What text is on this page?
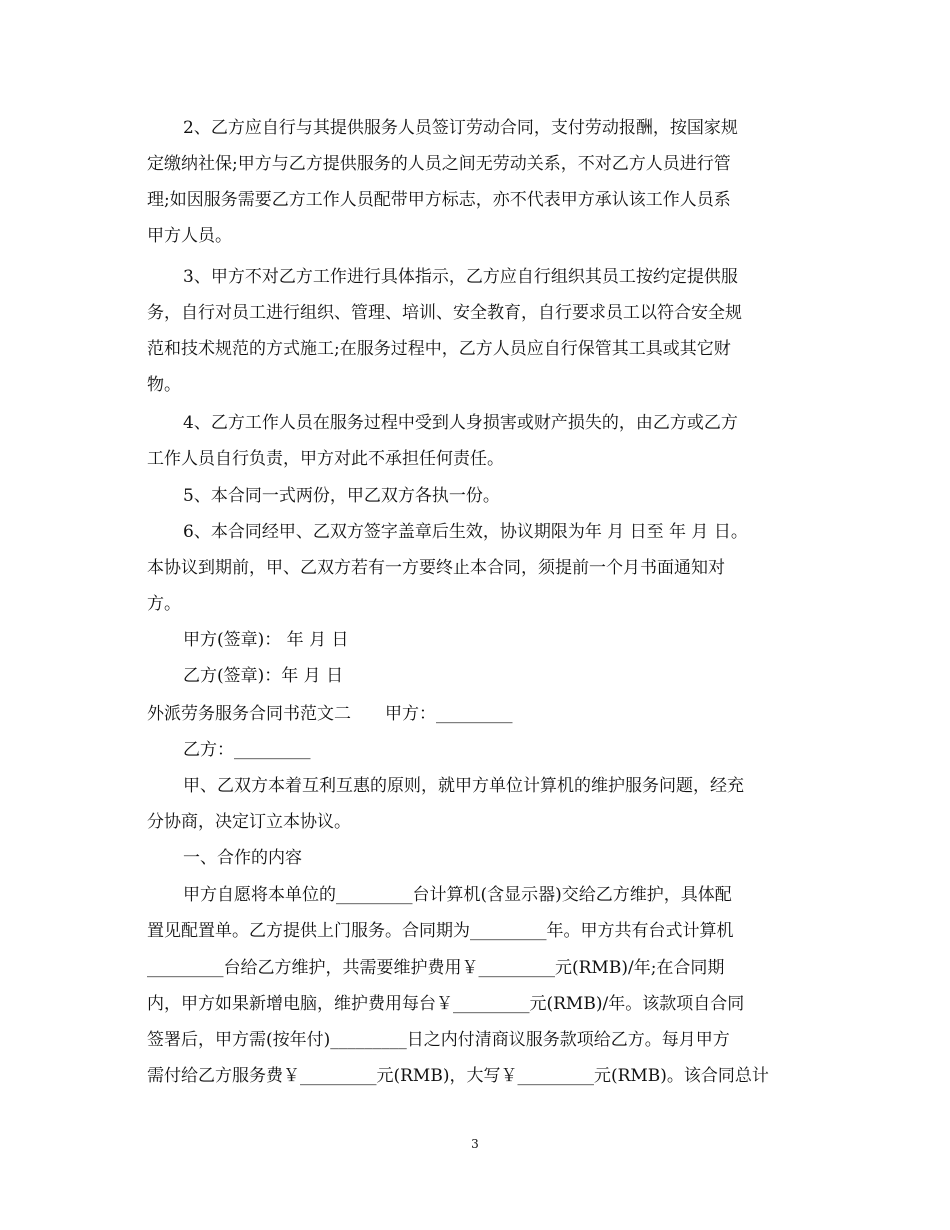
2、乙方应自行与其提供服务人员签订劳动合同，支付劳动报酬，按国家规
定缴纳社保;甲方与乙方提供服务的人员之间无劳动关系，不对乙方人员进行管
理;如因服务需要乙方工作人员配带甲方标志，亦不代表甲方承认该工作人员系
甲方人员。
3、甲方不对乙方工作进行具体指示，乙方应自行组织其员工按约定提供服
务，自行对员工进行组织、管理、培训、安全教育，自行要求员工以符合安全规
范和技术规范的方式施工;在服务过程中，乙方人员应自行保管其工具或其它财
物。
4、乙方工作人员在服务过程中受到人身损害或财产损失的，由乙方或乙方
工作人员自行负责，甲方对此不承担任何责任。
5、本合同一式两份，甲乙双方各执一份。
6、本合同经甲、乙双方签字盖章后生效，协议期限为年 月 日至 年 月 日。
本协议到期前，甲、乙双方若有一方要终止本合同，须提前一个月书面通知对
方。
甲方(签章)： 年 月 日
乙方(签章)：年 月 日
外派劳务服务合同书范文二　　甲方：_________
乙方：_________
甲、乙双方本着互利互惠的原则，就甲方单位计算机的维护服务问题，经充
分协商，决定订立本协议。
一、合作的内容
甲方自愿将本单位的_________台计算机(含显示器)交给乙方维护，具体配
置见配置单。乙方提供上门服务。合同期为_________年。甲方共有台式计算机
_________台给乙方维护，共需要维护费用￥_________元(RMB)/年;在合同期
内，甲方如果新增电脑，维护费用每台￥_________元(RMB)/年。该款项自合同
签署后，甲方需(按年付)_________日之内付清商议服务款项给乙方。每月甲方
需付给乙方服务费￥_________元(RMB)，大写￥_________元(RMB)。该合同总计
3
